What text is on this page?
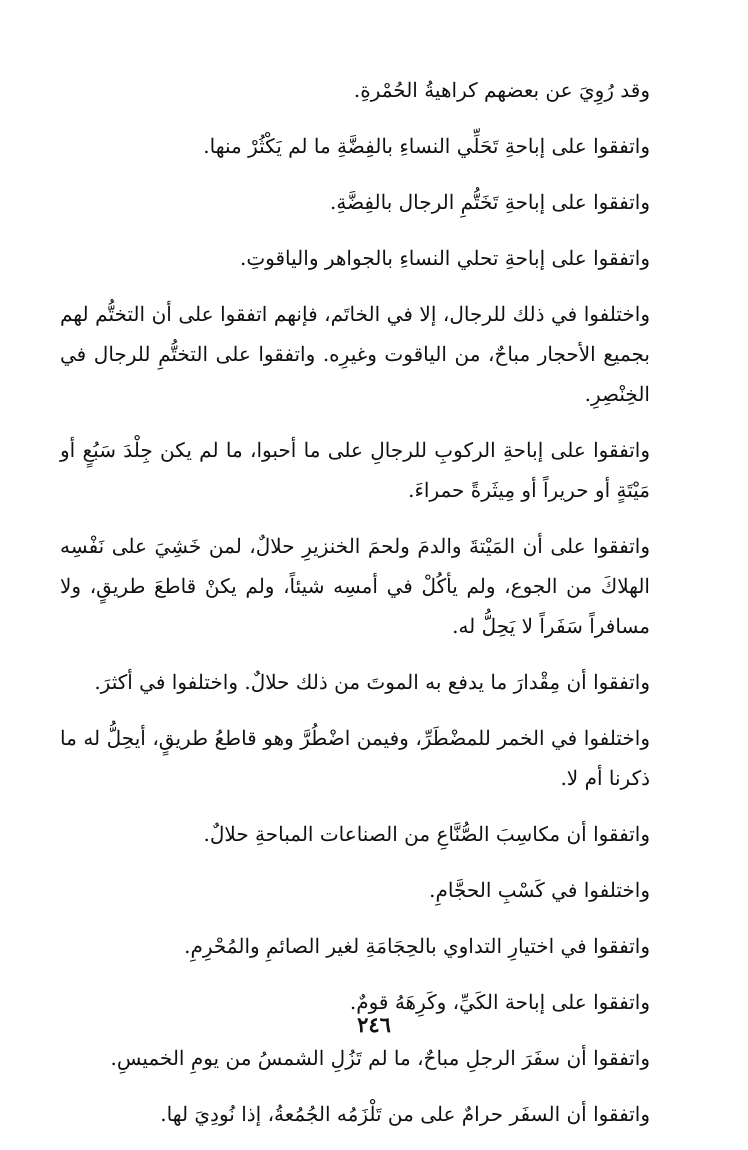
وقد رُوِيَ عن بعضهم كراهيةُ الحُمْرةِ.

واتفقوا على إباحةِ تَحَلِّي النساءِ بالفِضَّةِ ما لم يَكْثُرْ منها.

واتفقوا على إباحةِ تَخَتُّمِ الرجال بالفِضَّةِ.

واتفقوا على إباحةِ تحلي النساءِ بالجواهر والياقوتِ.

واختلفوا في ذلك للرجال، إلا في الخاتَم، فإنهم اتفقوا على أن التختُّم لهم بجميع الأحجار مباحٌ، من الياقوت وغيرِه. واتفقوا على التختُّمِ للرجال في الخِنْصِرِ.

واتفقوا على إباحةِ الركوبِ للرجالِ على ما أحبوا، ما لم يكن جِلْدَ سَبُعٍ أو مَيْتَةٍ أو حريراً أو مِيثَرةً حمراءَ.

واتفقوا على أن المَيْتةَ والدمَ ولحمَ الخنزيرِ حلالٌ، لمن خَشِيَ على نَفْسِه الهلاكَ من الجوع، ولم يأكُلْ في أمسِه شيئاً، ولم يكنْ قاطعَ طريقٍ، ولا مسافراً سَفَراً لا يَحِلُّ له.

واتفقوا أن مِقْدارَ ما يدفع به الموتَ من ذلك حلالٌ. واختلفوا في أكثرَ.

واختلفوا في الخمر للمضْطَرِّ، وفيمن اضْطُرَّ وهو قاطعُ طريقٍ، أيحِلُّ له ما ذكرنا أم لا.

واتفقوا أن مكاسِبَ الصُّنَّاعِ من الصناعات المباحةِ حلالٌ.

واختلفوا في كَسْبِ الحجَّامِ.

واتفقوا في اختيارِ التداوي بالحِجَامَةِ لغير الصائمِ والمُحْرِمِ.

واتفقوا على إباحة الكَيِّ، وكَرِهَهُ قومٌ.

واتفقوا أن سفَرَ الرجلِ مباحٌ، ما لم تَزُلِ الشمسُ من يومِ الخميسِ.

واتفقوا أن السفَر حرامٌ على من تَلْزَمُه الجُمُعةُ، إذا نُودِيَ لها.

٢٤٦
